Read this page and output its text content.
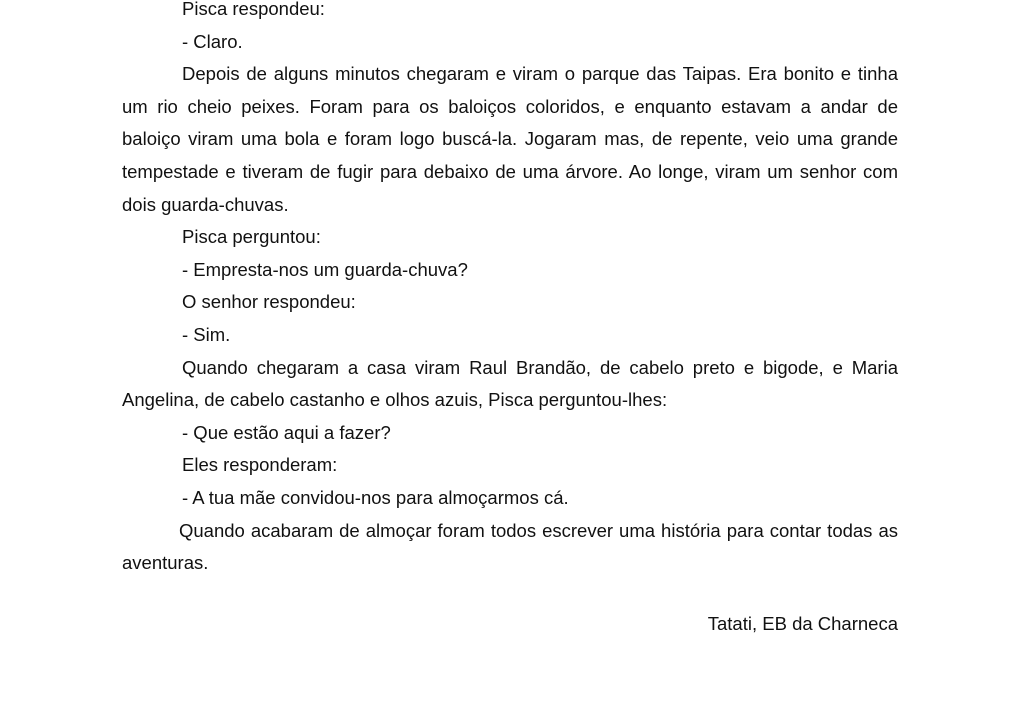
Pisca respondeu:

- Claro.

Depois de alguns minutos chegaram e viram o parque das Taipas. Era bonito e tinha um rio cheio peixes. Foram para os baloiços coloridos, e enquanto estavam a andar de baloiço viram uma bola e foram logo buscá-la. Jogaram mas, de repente, veio uma grande tempestade e tiveram de fugir para debaixo de uma árvore. Ao longe, viram um senhor com dois guarda-chuvas.

Pisca perguntou:

- Empresta-nos um guarda-chuva?

O senhor respondeu:

- Sim.

Quando chegaram a casa viram Raul Brandão, de cabelo preto e bigode, e Maria Angelina, de cabelo castanho e olhos azuis, Pisca perguntou-lhes:

- Que estão aqui a fazer?

Eles responderam:

- A tua mãe convidou-nos para almoçarmos cá.

Quando acabaram de almoçar foram todos escrever uma história para contar todas as aventuras.

Tatati, EB da Charneca
